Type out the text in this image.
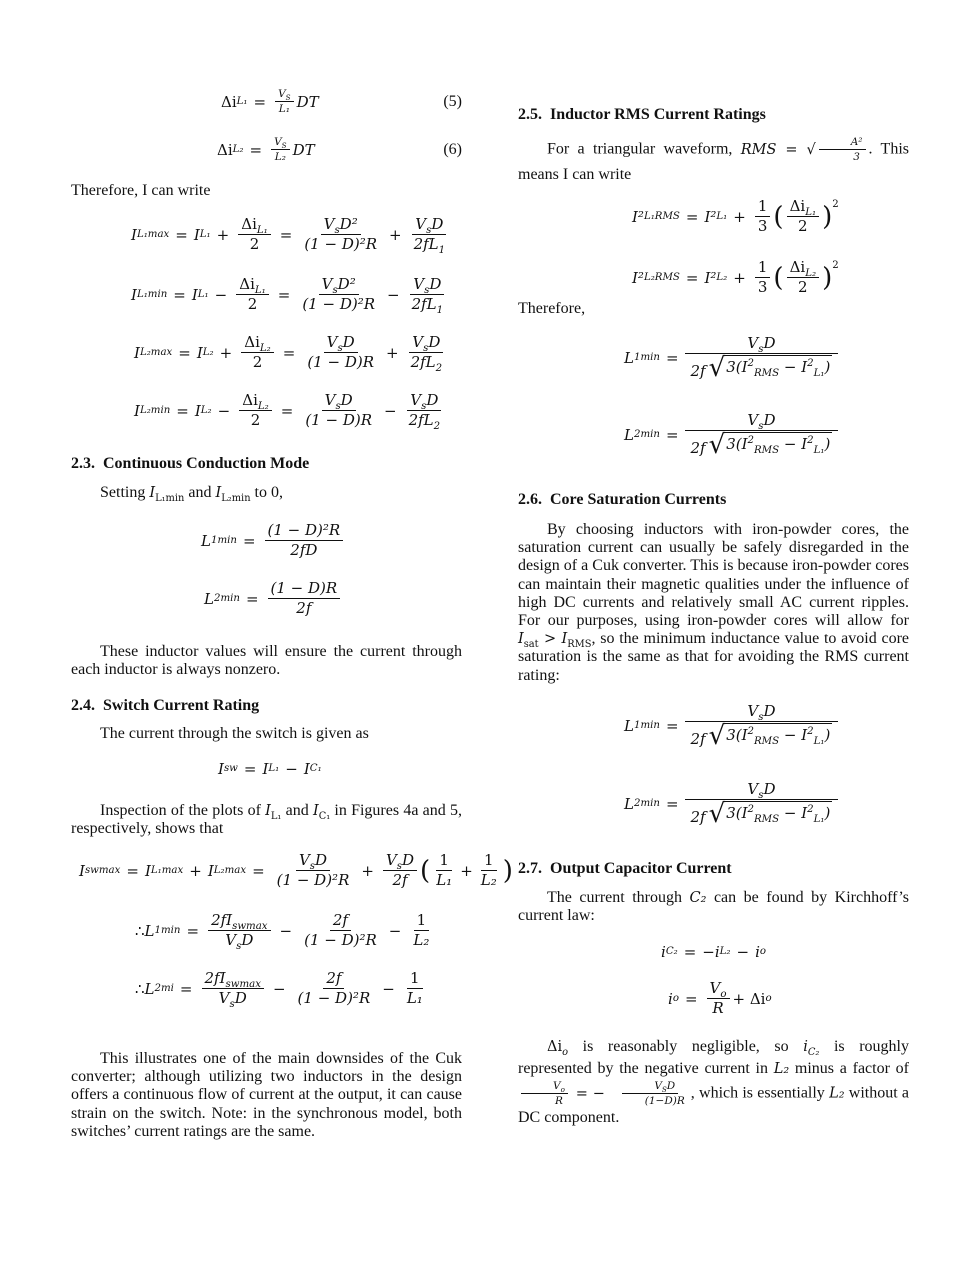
Δi $L_1 = \frac{V_S}{\text{L₁}}$ DT	(5)
Δi $L_2 = \frac{V_S}{\text{L₂}}$ DT	(6)

Therefore, I can write

I L₁max = I $L_1 + \frac{\Delta i_{L_1}}{2} = \frac{V_sD^2}{\text{(1 − D)²R}} + \frac{V_sD}{2fL_1}$
I L₁min = I $L_1 - \frac{\Delta i_{L_1}}{2} = \frac{V_sD^2}{\text{(1 − D)²R}} - \frac{V_sD}{2fL_1}$
I L₂max = I $L_2 + \frac{\Delta i_{L_2}}{2} = \frac{V_sD}{(1 - D)R} + \frac{V_sD}{2fL_2}$
I L₂min = I $L_2 - \frac{\Delta i_{L_2}}{2} = \frac{V_sD}{(1 - D)R} - \frac{V_sD}{2fL_2}$

2.3. Continuous Conduction Mode

Setting $I_{L_1min}$ and $I_{L_2min}$ to 0,

L $1\min = \frac{\text{(1 − D)²R}}{2fD}$
L $2\min = \frac{(1 - D)R}{2f}$

These inductor values will ensure the current through each inductor is always nonzero.

2.4. Switch Current Rating

The current through the switch is given as

I sw = I L₁ − I C₁

Inspection of the plots of $I_{L_1}$ and $I_{C_1}$ in Figures 4a and 5, respectively, shows that

I swmax = I L₁max + I $L_2\max = \frac{V_sD}{\text{(1 − D)²R}} + \frac{V_sD}{2f}$ ( $\frac{1}{\text{L₁}} + \frac{1}{\text{L₂}}$ )
∴ L $1\min = \frac{2fI_{swmax}}{V_sD} - \frac{2f}{\text{(1 − D)²R}} - \frac{1}{\text{L₂}}$
∴ L $2mi = \frac{2fI_{swmax}}{V_sD} - \frac{2f}{\text{(1 − D)²R}} - \frac{1}{\text{L₁}}$

This illustrates one of the main downsides of the Cuk converter; although utilizing two inductors in the design offers a continuous flow of current at the output, it can cause strain on the switch. Note: in the synchronous model, both switches’ current ratings are the same.

2.5. Inductor RMS Current Ratings

For a triangular waveform, RMS = √ $\frac{\text{A²}}{3}$ . This means I can write

I² L₁RMS = I² $L_1 + \frac{1}{3}$ ( $\frac{\Delta i_{L_1}}{2} )^2$
I² L₂RMS = I² $L_2 + \frac{1}{3}$ ( $\frac{\Delta i_{L_2}}{2} )^2$

Therefore,

L $1\min = \frac{V_sD}{2f √ 3(I^2_{RMS} - I^2_{L_1})}$
L $2\min = \frac{V_sD}{2f √ 3(I^2_{RMS} - I^2_{L_1})}$

2.6. Core Saturation Currents

By choosing inductors with iron-powder cores, the saturation current can usually be safely disregarded in the design of a Cuk converter. This is because iron-powder cores can maintain their magnetic qualities under the influence of high DC currents and relatively small AC current ripples. For our purposes, using iron-powder cores will allow for $I_{sat} > I_{RMS}$, so the minimum inductance value to avoid core saturation is the same as that for avoiding the RMS current rating:

L $1\min = \frac{V_sD}{2f √ 3(I^2_{RMS} - I^2_{L_1})}$
L $2\min = \frac{V_sD}{2f √ 3(I^2_{RMS} - I^2_{L_1})}$

2.7. Output Capacitor Current

The current through C₂ can be found by Kirchhoff’s current law:

i C₂ = −i L₂ − i o
i $o = \frac{V_o}{R} + \Delta i$ o

$\Delta i_o$ is reasonably negligible, so $i_{C_2}$ is roughly represented by the negative current in L₂ minus a factor of
$\frac{V_o}{R}$ = − $\frac{V_SD}{(1-D)R}$ , which is essentially L₂ without a DC component.
